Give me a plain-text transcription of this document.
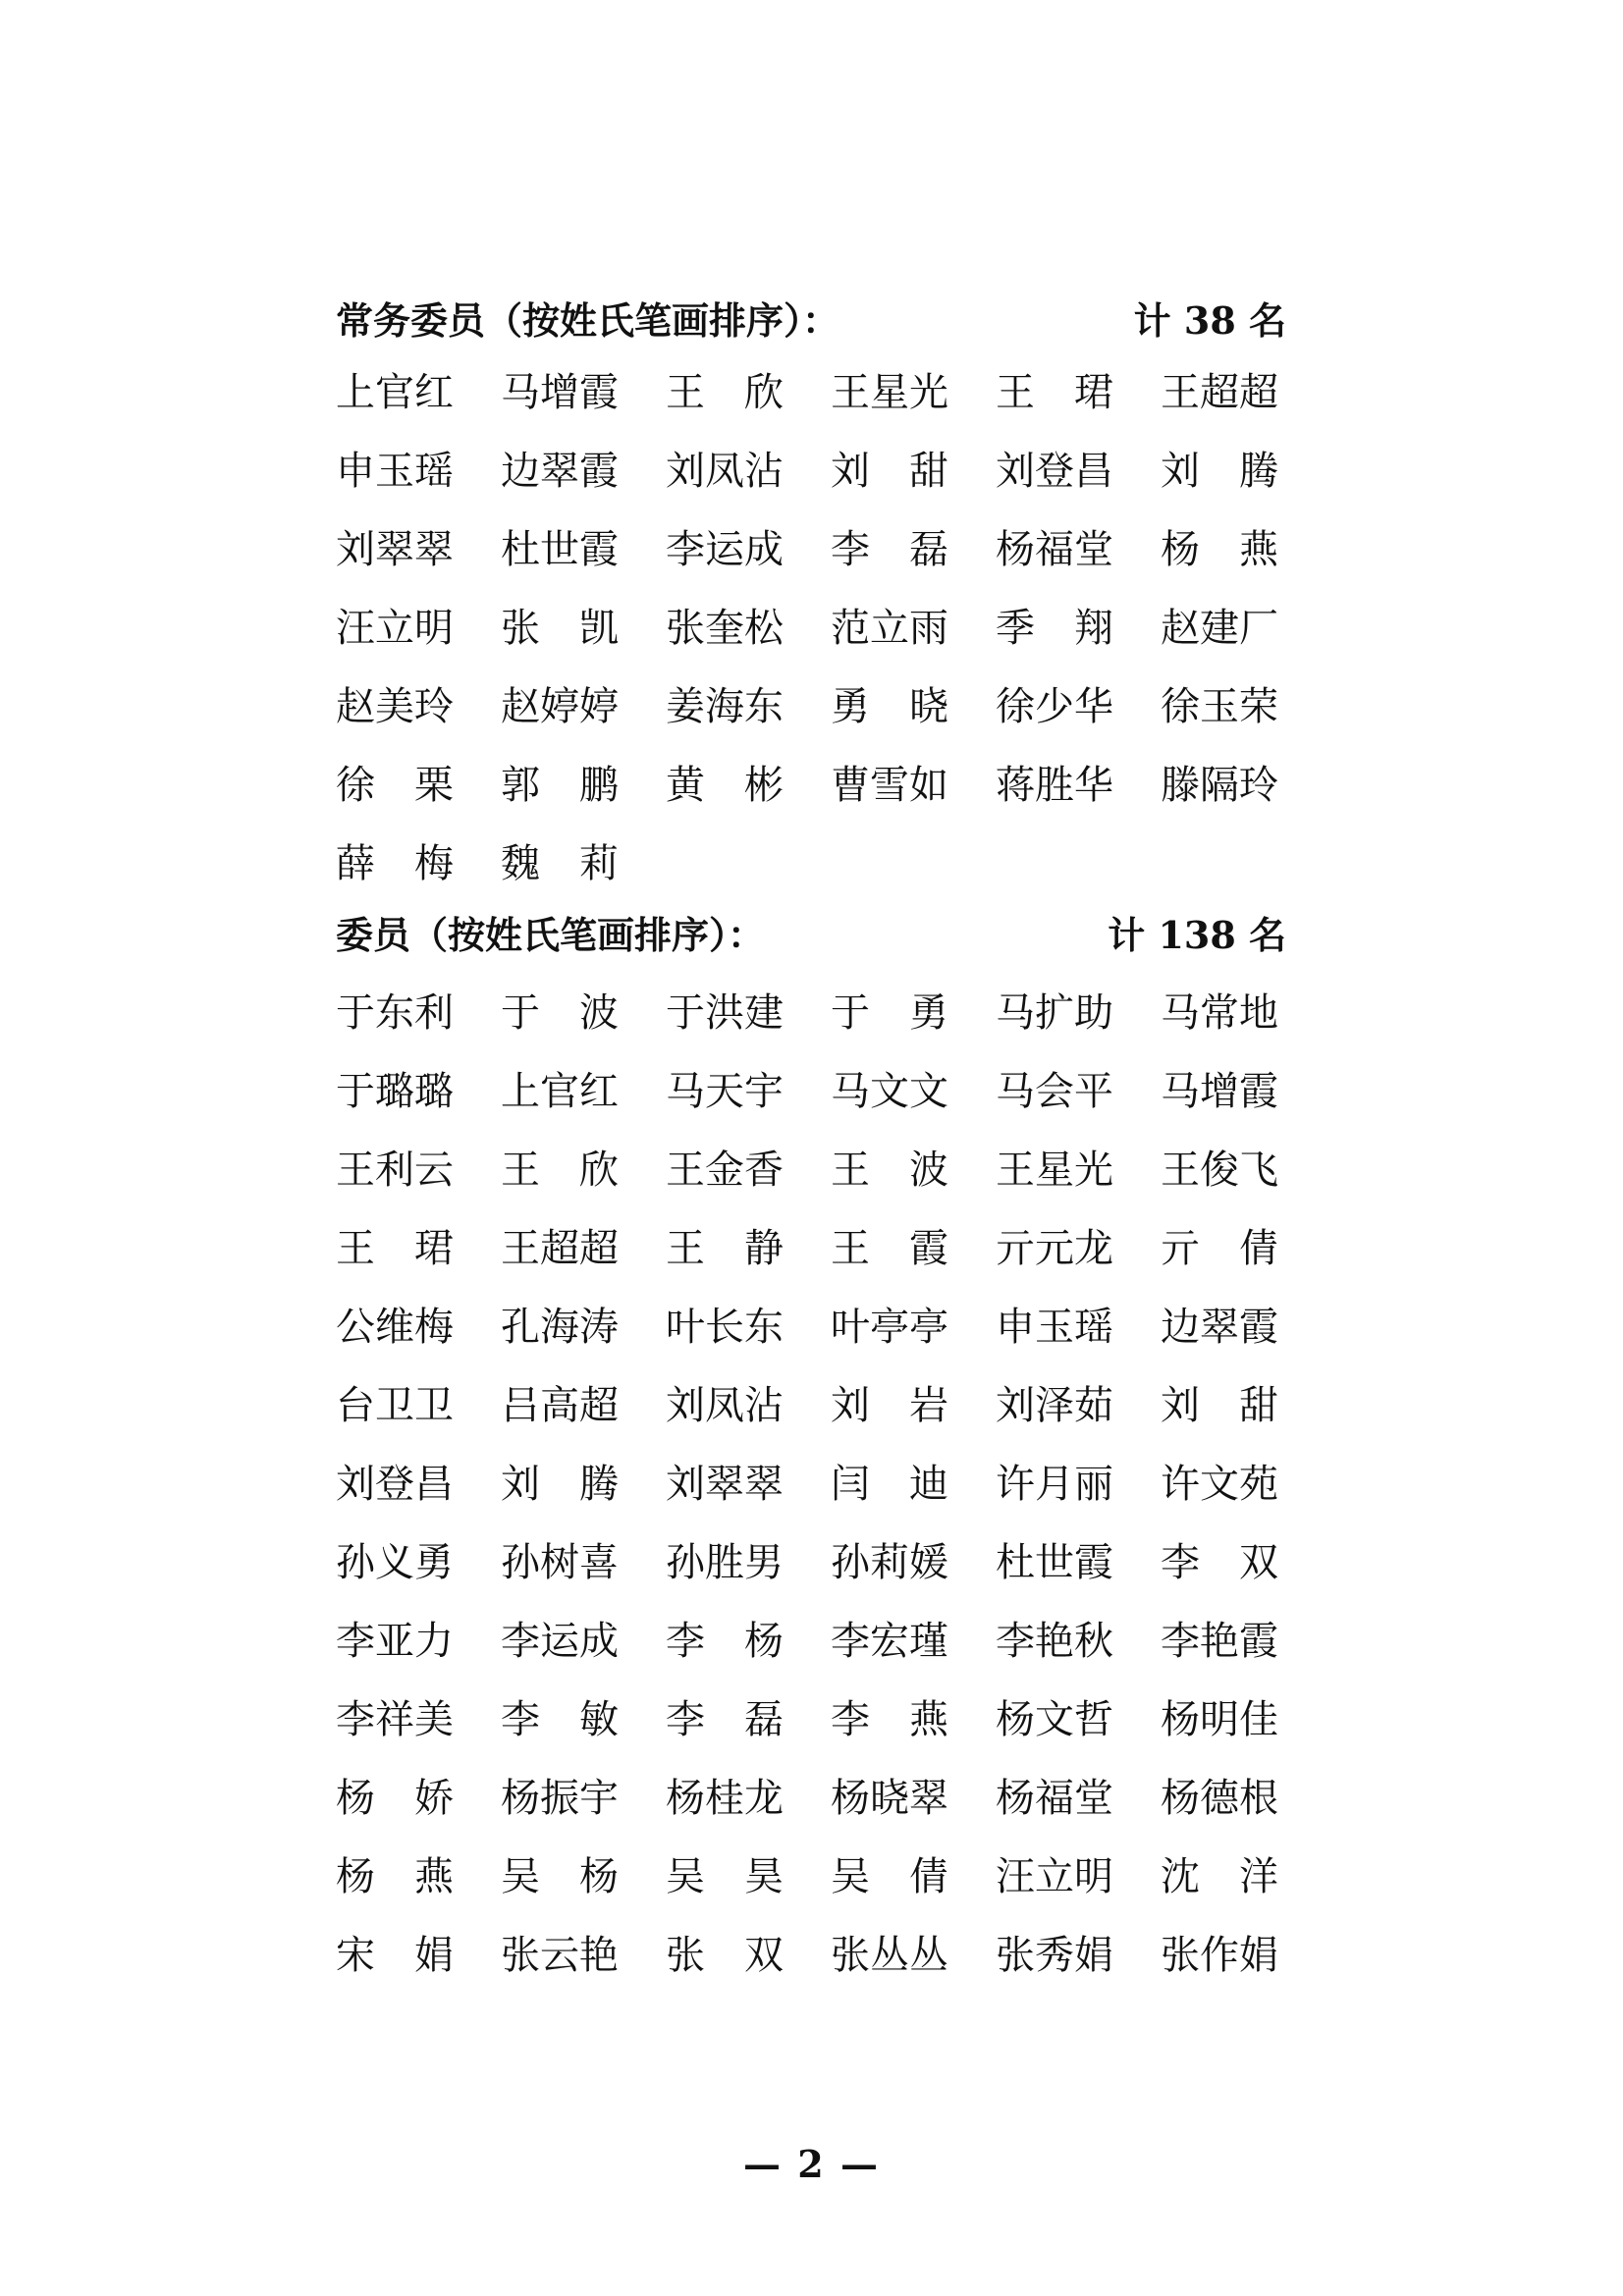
常务委员（按姓氏笔画排序）：	计 38 名
上官红 马增霞 王 欣 王星光 王 珺 王超超
申玉瑶 边翠霞 刘凤沾 刘 甜 刘登昌 刘 腾
刘翠翠 杜世霞 李运成 李 磊 杨福堂 杨 燕
汪立明 张 凯 张奎松 范立雨 季 翔 赵建厂
赵美玲 赵婷婷 姜海东 勇 晓 徐少华 徐玉荣
徐 栗 郭 鹏 黄 彬 曹雪如 蒋胜华 滕隔玲
薛 梅 魏 莉
委员（按姓氏笔画排序）：	计 138 名
于东利 于 波 于洪建 于 勇 马扩助 马常地
于璐璐 上官红 马天宇 马文文 马会平 马增霞
王利云 王 欣 王金香 王 波 王星光 王俊飞
王 珺 王超超 王 静 王 霞 亓元龙 亓 倩
公维梅 孔海涛 叶长东 叶亭亭 申玉瑶 边翠霞
台卫卫 吕高超 刘凤沾 刘 岩 刘泽茹 刘 甜
刘登昌 刘 腾 刘翠翠 闫 迪 许月丽 许文苑
孙义勇 孙树喜 孙胜男 孙莉媛 杜世霞 李 双
李亚力 李运成 李 杨 李宏瑾 李艳秋 李艳霞
李祥美 李 敏 李 磊 李 燕 杨文哲 杨明佳
杨 娇 杨振宇 杨桂龙 杨晓翠 杨福堂 杨德根
杨 燕 吴 杨 吴 昊 吴 倩 汪立明 沈 洋
宋 娟 张云艳 张 双 张丛丛 张秀娟 张作娟
— 2 —
